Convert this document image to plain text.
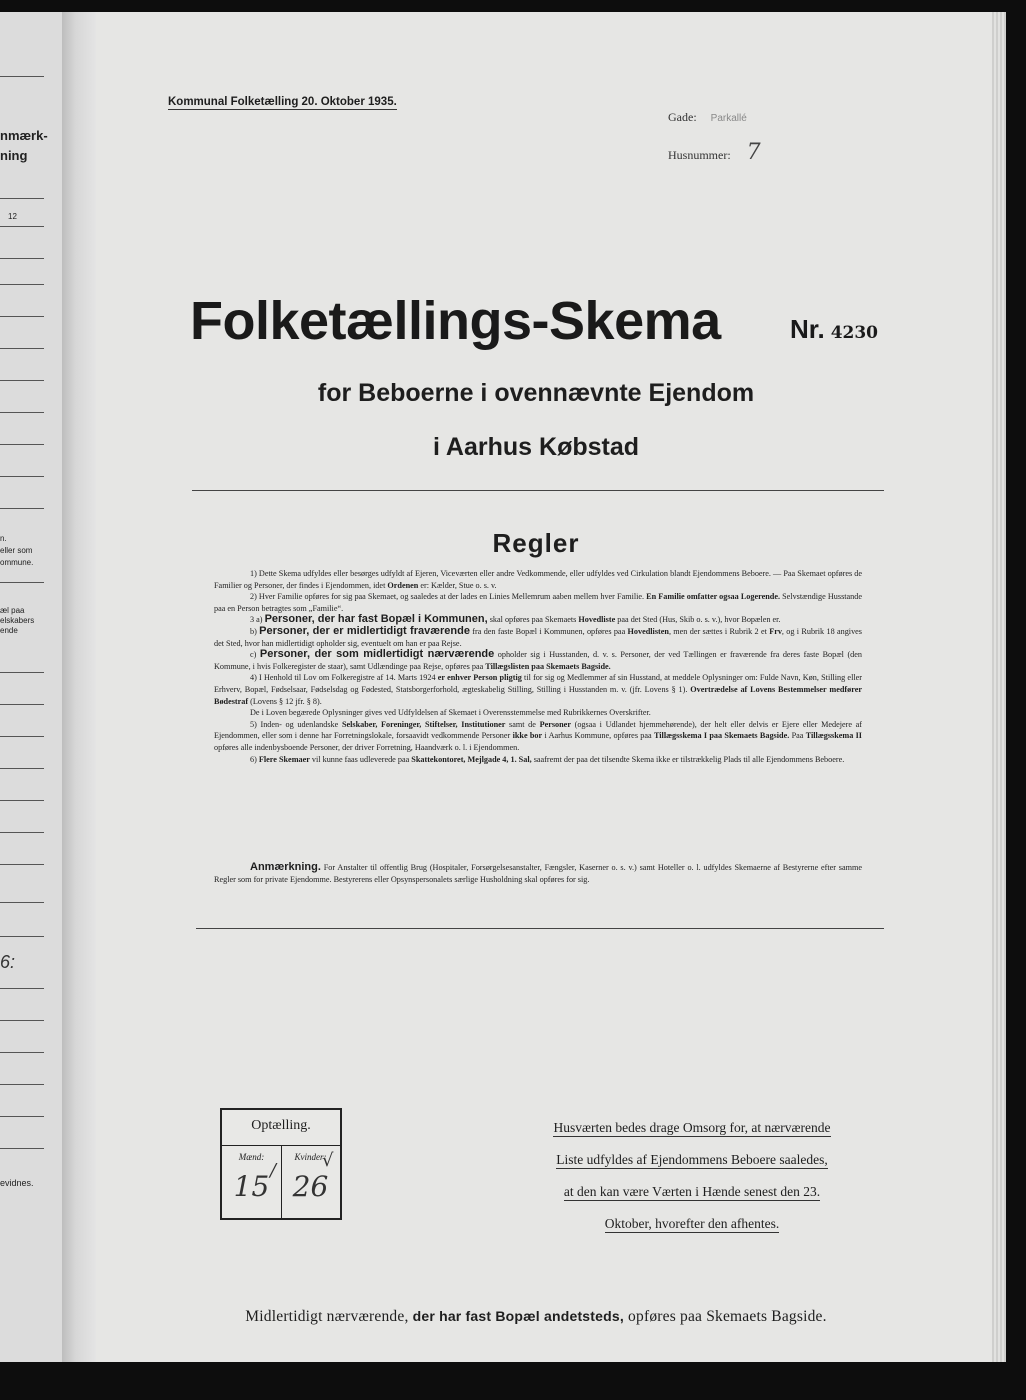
nmærk-
ning
12
n.
eller som
ommune.
æl paa
elskabers
ende
6:
evidnes.
Kommunal Folketælling 20. Oktober 1935.
Gade: Parkallé
Husnummer: 7
Folketællings-Skema	Nr. 4230
for Beboerne i ovennævnte Ejendom
i Aarhus Købstad
Regler

1) Dette Skema udfyldes eller besørges udfyldt af Ejeren, Viceværten eller andre Vedkommende, eller udfyldes ved Cirkulation blandt Ejendommens Beboere. — Paa Skemaet opføres de Familier og Personer, der findes i Ejendommen, idet Ordenen er: Kælder, Stue o. s. v.

2) Hver Familie opføres for sig paa Skemaet, og saaledes at der lades en Linies Mellemrum aaben mellem hver Familie. En Familie omfatter ogsaa Logerende. Selvstændige Husstande paa en Person betragtes som „Familie“.

3 a) Personer, der har fast Bopæl i Kommunen, skal opføres paa Skemaets Hovedliste paa det Sted (Hus, Skib o. s. v.), hvor Bopælen er.

b) Personer, der er midlertidigt fraværende fra den faste Bopæl i Kommunen, opføres paa Hovedlisten, men der sættes i Rubrik 2 et Frv, og i Rubrik 18 angives det Sted, hvor han midlertidigt opholder sig, eventuelt om han er paa Rejse.

c) Personer, der som midlertidigt nærværende opholder sig i Husstanden, d. v. s. Personer, der ved Tællingen er fraværende fra deres faste Bopæl (den Kommune, i hvis Folkeregister de staar), samt Udlændinge paa Rejse, opføres paa Tillægslisten paa Skemaets Bagside.

4) I Henhold til Lov om Folkeregistre af 14. Marts 1924 er enhver Person pligtig til for sig og Medlemmer af sin Husstand, at meddele Oplysninger om: Fulde Navn, Køn, Stilling eller Erhverv, Bopæl, Fødselsaar, Fødselsdag og Fødested, Statsborgerforhold, ægteskabelig Stilling, Stilling i Husstanden m. v. (jfr. Lovens § 1). Overtrædelse af Lovens Bestemmelser medfører Bødestraf (Lovens § 12 jfr. § 8).

De i Loven begærede Oplysninger gives ved Udfyldelsen af Skemaet i Overensstemmelse med Rubrikkernes Overskrifter.

5) Inden- og udenlandske Selskaber, Foreninger, Stiftelser, Institutioner samt de Personer (ogsaa i Udlandet hjemmehørende), der helt eller delvis er Ejere eller Medejere af Ejendommen, eller som i denne har Forretningslokale, forsaavidt vedkommende Personer ikke bor i Aarhus Kommune, opføres paa Tillægsskema I paa Skemaets Bagside. Paa Tillægsskema II opføres alle indenbysboende Personer, der driver Forretning, Haandværk o. l. i Ejendommen.

6) Flere Skemaer vil kunne faas udleverede paa Skattekontoret, Mejlgade 4, 1. Sal, saafremt der paa det tilsendte Skema ikke er tilstrækkelig Plads til alle Ejendommens Beboere.

Anmærkning. For Anstalter til offentlig Brug (Hospitaler, Forsørgelsesanstalter, Fængsler, Kaserner o. s. v.) samt Hoteller o. l. udfyldes Skemaerne af Bestyrerne efter samme Regler som for private Ejendomme. Bestyrerens eller Opsynspersonalets særlige Husholdning skal opføres for sig.

Optælling.
Mænd:	Kvinder:
15 26
/	√
Husværten bedes drage Omsorg for, at nærværende
Liste udfyldes af Ejendommens Beboere saaledes,
at den kan være Værten i Hænde senest den 23.
Oktober, hvorefter den afhentes.
Midlertidigt nærværende, der har fast Bopæl andetsteds, opføres paa Skemaets Bagside.
